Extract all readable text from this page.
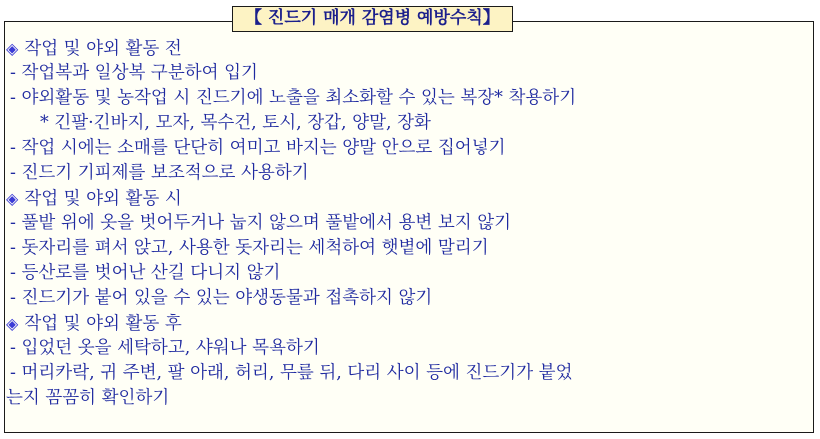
【 진드기 매개 감염병 예방수칙】
◈ 작업 및 야외 활동 전
- 작업복과 일상복 구분하여 입기
- 야외활동 및 농작업 시 진드기에 노출을 최소화할 수 있는 복장* 착용하기
* 긴팔·긴바지, 모자, 목수건, 토시, 장갑, 양말, 장화
- 작업 시에는 소매를 단단히 여미고 바지는 양말 안으로 집어넣기
- 진드기 기피제를 보조적으로 사용하기
◈ 작업 및 야외 활동 시
- 풀밭 위에 옷을 벗어두거나 눕지 않으며 풀밭에서 용변 보지 않기
- 돗자리를 펴서 앉고, 사용한 돗자리는 세척하여 햇볕에 말리기
- 등산로를 벗어난 산길 다니지 않기
- 진드기가 붙어 있을 수 있는 야생동물과 접촉하지 않기
◈ 작업 및 야외 활동 후
- 입었던 옷을 세탁하고, 샤워나 목욕하기
- 머리카락, 귀 주변, 팔 아래, 허리, 무릎 뒤, 다리 사이 등에 진드기가 붙었
는지 꼼꼼히 확인하기
